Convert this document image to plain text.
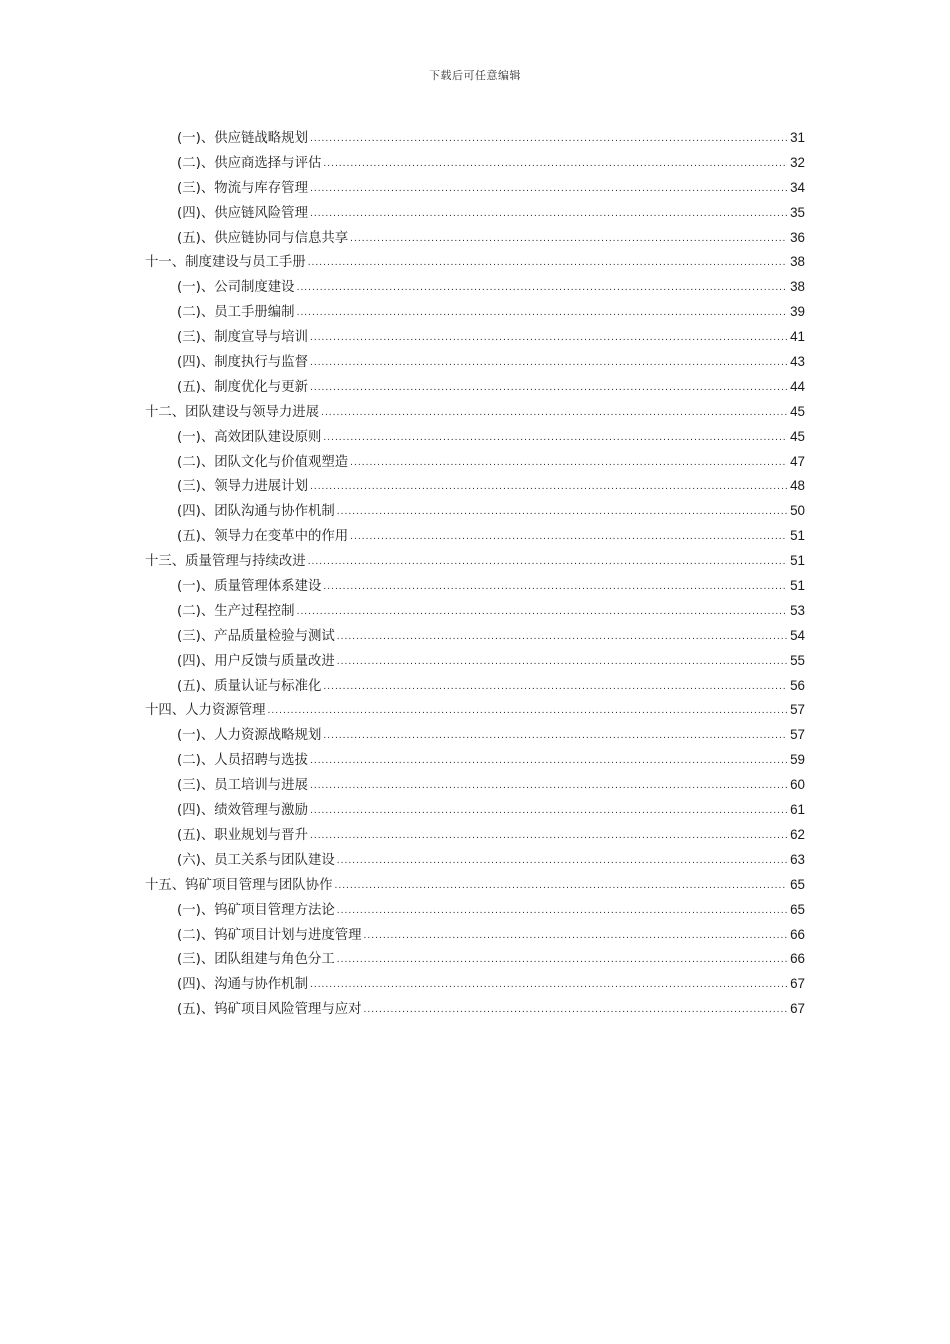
下载后可任意编辑
(一)、供应链战略规划 .....	31
(二)、供应商选择与评估 .....	32
(三)、物流与库存管理 .....	34
(四)、供应链风险管理 .....	35
(五)、供应链协同与信息共享 .....	36
十一、制度建设与员工手册 .....	38
(一)、公司制度建设 .....	38
(二)、员工手册编制 .....	39
(三)、制度宣导与培训 .....	41
(四)、制度执行与监督 .....	43
(五)、制度优化与更新 .....	44
十二、团队建设与领导力进展 .....	45
(一)、高效团队建设原则 .....	45
(二)、团队文化与价值观塑造 .....	47
(三)、领导力进展计划 .....	48
(四)、团队沟通与协作机制 .....	50
(五)、领导力在变革中的作用 .....	51
十三、质量管理与持续改进 .....	51
(一)、质量管理体系建设 .....	51
(二)、生产过程控制 .....	53
(三)、产品质量检验与测试 .....	54
(四)、用户反馈与质量改进 .....	55
(五)、质量认证与标准化 .....	56
十四、人力资源管理 .....	57
(一)、人力资源战略规划 .....	57
(二)、人员招聘与选拔 .....	59
(三)、员工培训与进展 .....	60
(四)、绩效管理与激励 .....	61
(五)、职业规划与晋升 .....	62
(六)、员工关系与团队建设 .....	63
十五、钨矿项目管理与团队协作 .....	65
(一)、钨矿项目管理方法论 .....	65
(二)、钨矿项目计划与进度管理 .....	66
(三)、团队组建与角色分工 .....	66
(四)、沟通与协作机制 .....	67
(五)、钨矿项目风险管理与应对 .....	67
